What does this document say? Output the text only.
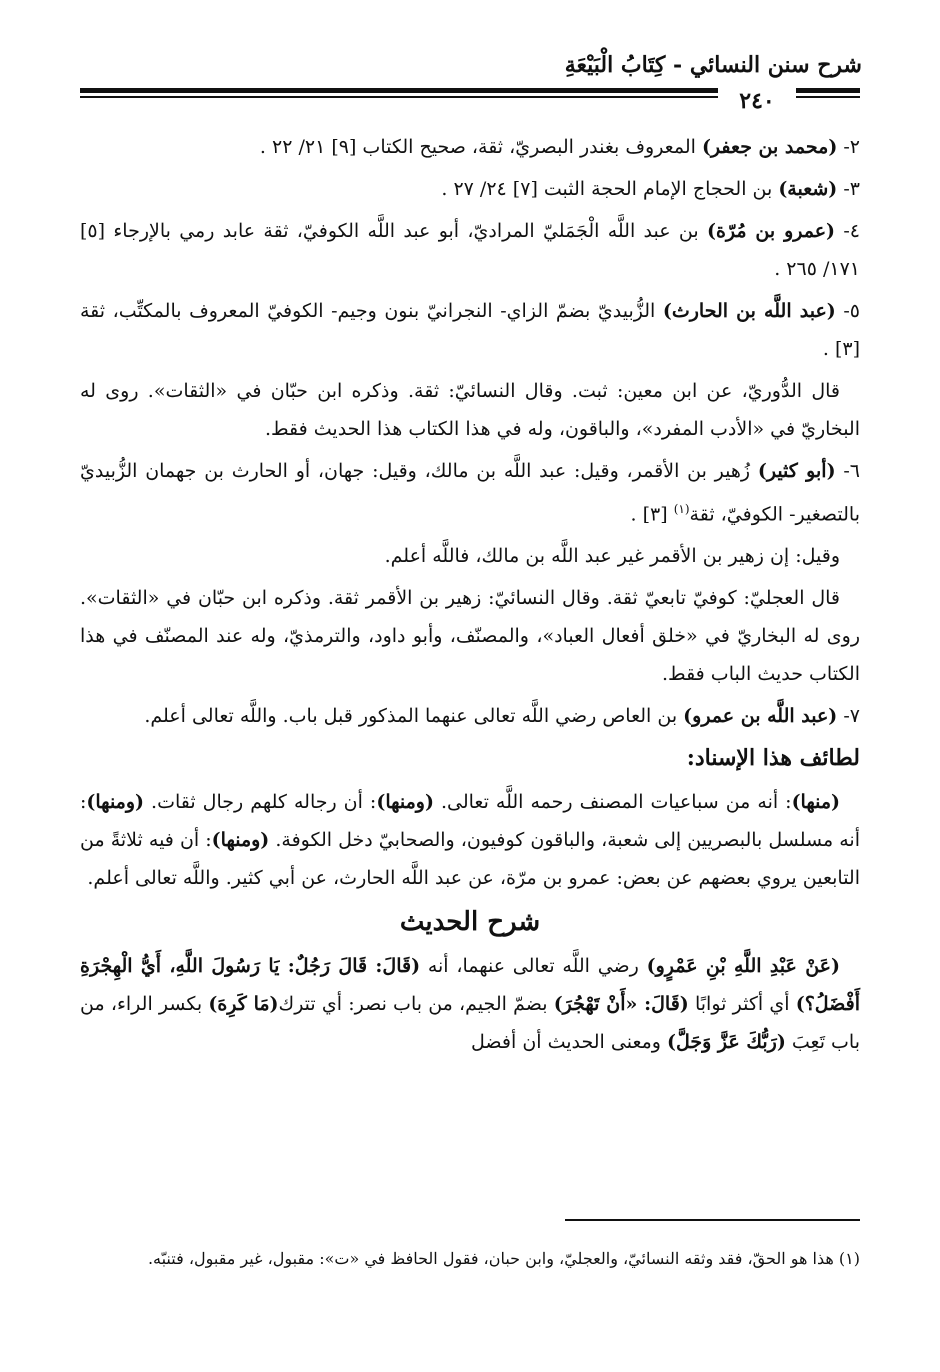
شرح سنن النسائي - كِتَابُ الْبَيْعَةِ
٢٤٠

٢- (محمد بن جعفر) المعروف بغندر البصريّ، ثقة، صحيح الكتاب [٩] ٢١/ ٢٢ .

٣- (شعبة) بن الحجاج الإمام الحجة الثبت [٧] ٢٤/ ٢٧ .

٤- (عمرو بن مُرّة) بن عبد اللَّه الْجَمَليّ المراديّ، أبو عبد اللَّه الكوفيّ، ثقة عابد رمي بالإرجاء [٥] ١٧١/ ٢٦٥ .

٥- (عبد اللَّه بن الحارث) الزُّبيديّ بضمّ الزاي- النجرانيّ بنون وجيم- الكوفيّ المعروف بالمكتِّب، ثقة [٣] .

قال الدُّوريّ، عن ابن معين: ثبت. وقال النسائيّ: ثقة. وذكره ابن حبّان في «الثقات». روى له البخاريّ في «الأدب المفرد»، والباقون، وله في هذا الكتاب هذا الحديث فقط.

٦- (أبو كثير) زُهير بن الأقمر، وقيل: عبد اللَّه بن مالك، وقيل: جهان، أو الحارث بن جهمان الزُّبيديّ بالتصغير- الكوفيّ، ثقة$^{(١)}$ [٣] .

وقيل: إن زهير بن الأقمر غير عبد اللَّه بن مالك، فاللَّه أعلم.

قال العجليّ: كوفيّ تابعيّ ثقة. وقال النسائيّ: زهير بن الأقمر ثقة. وذكره ابن حبّان في «الثقات». روى له البخاريّ في «خلق أفعال العباد»، والمصنّف، وأبو داود، والترمذيّ، وله عند المصنّف في هذا الكتاب حديث الباب فقط.

٧- (عبد اللَّه بن عمرو) بن العاص رضي اللَّه تعالى عنهما المذكور قبل باب. واللَّه تعالى أعلم.

لطائف هذا الإسناد:

(منها): أنه من سباعيات المصنف رحمه اللَّه تعالى. (ومنها): أن رجاله كلهم رجال ثقات. (ومنها): أنه مسلسل بالبصريين إلى شعبة، والباقون كوفيون، والصحابيّ دخل الكوفة. (ومنها): أن فيه ثلاثةً من التابعين يروي بعضهم عن بعض: عمرو بن مرّة، عن عبد اللَّه الحارث، عن أبي كثير. واللَّه تعالى أعلم.

شرح الحديث

(عَنْ عَبْدِ اللَّهِ بْنِ عَمْرٍو) رضي اللَّه تعالى عنهما، أنه (قَالَ: قَالَ رَجُلٌ: يَا رَسُولَ اللَّهِ، أَيُّ الْهِجْرَةِ أَفْضَلُ؟) أي أكثر ثوابًا (قَالَ: «أَنْ تَهْجُرَ) بضمّ الجيم، من باب نصر: أي تترك(مَا كَرِهَ) بكسر الراء، من باب تَعِبَ (رَبُّكَ عَزَّ وَجَلَّ) ومعنى الحديث أن أفضل

(١) هذا هو الحقّ، فقد وثقه النسائيّ، والعجليّ، وابن حبان، فقول الحافظ في «ت»: مقبول، غير مقبول، فتنبّه.
